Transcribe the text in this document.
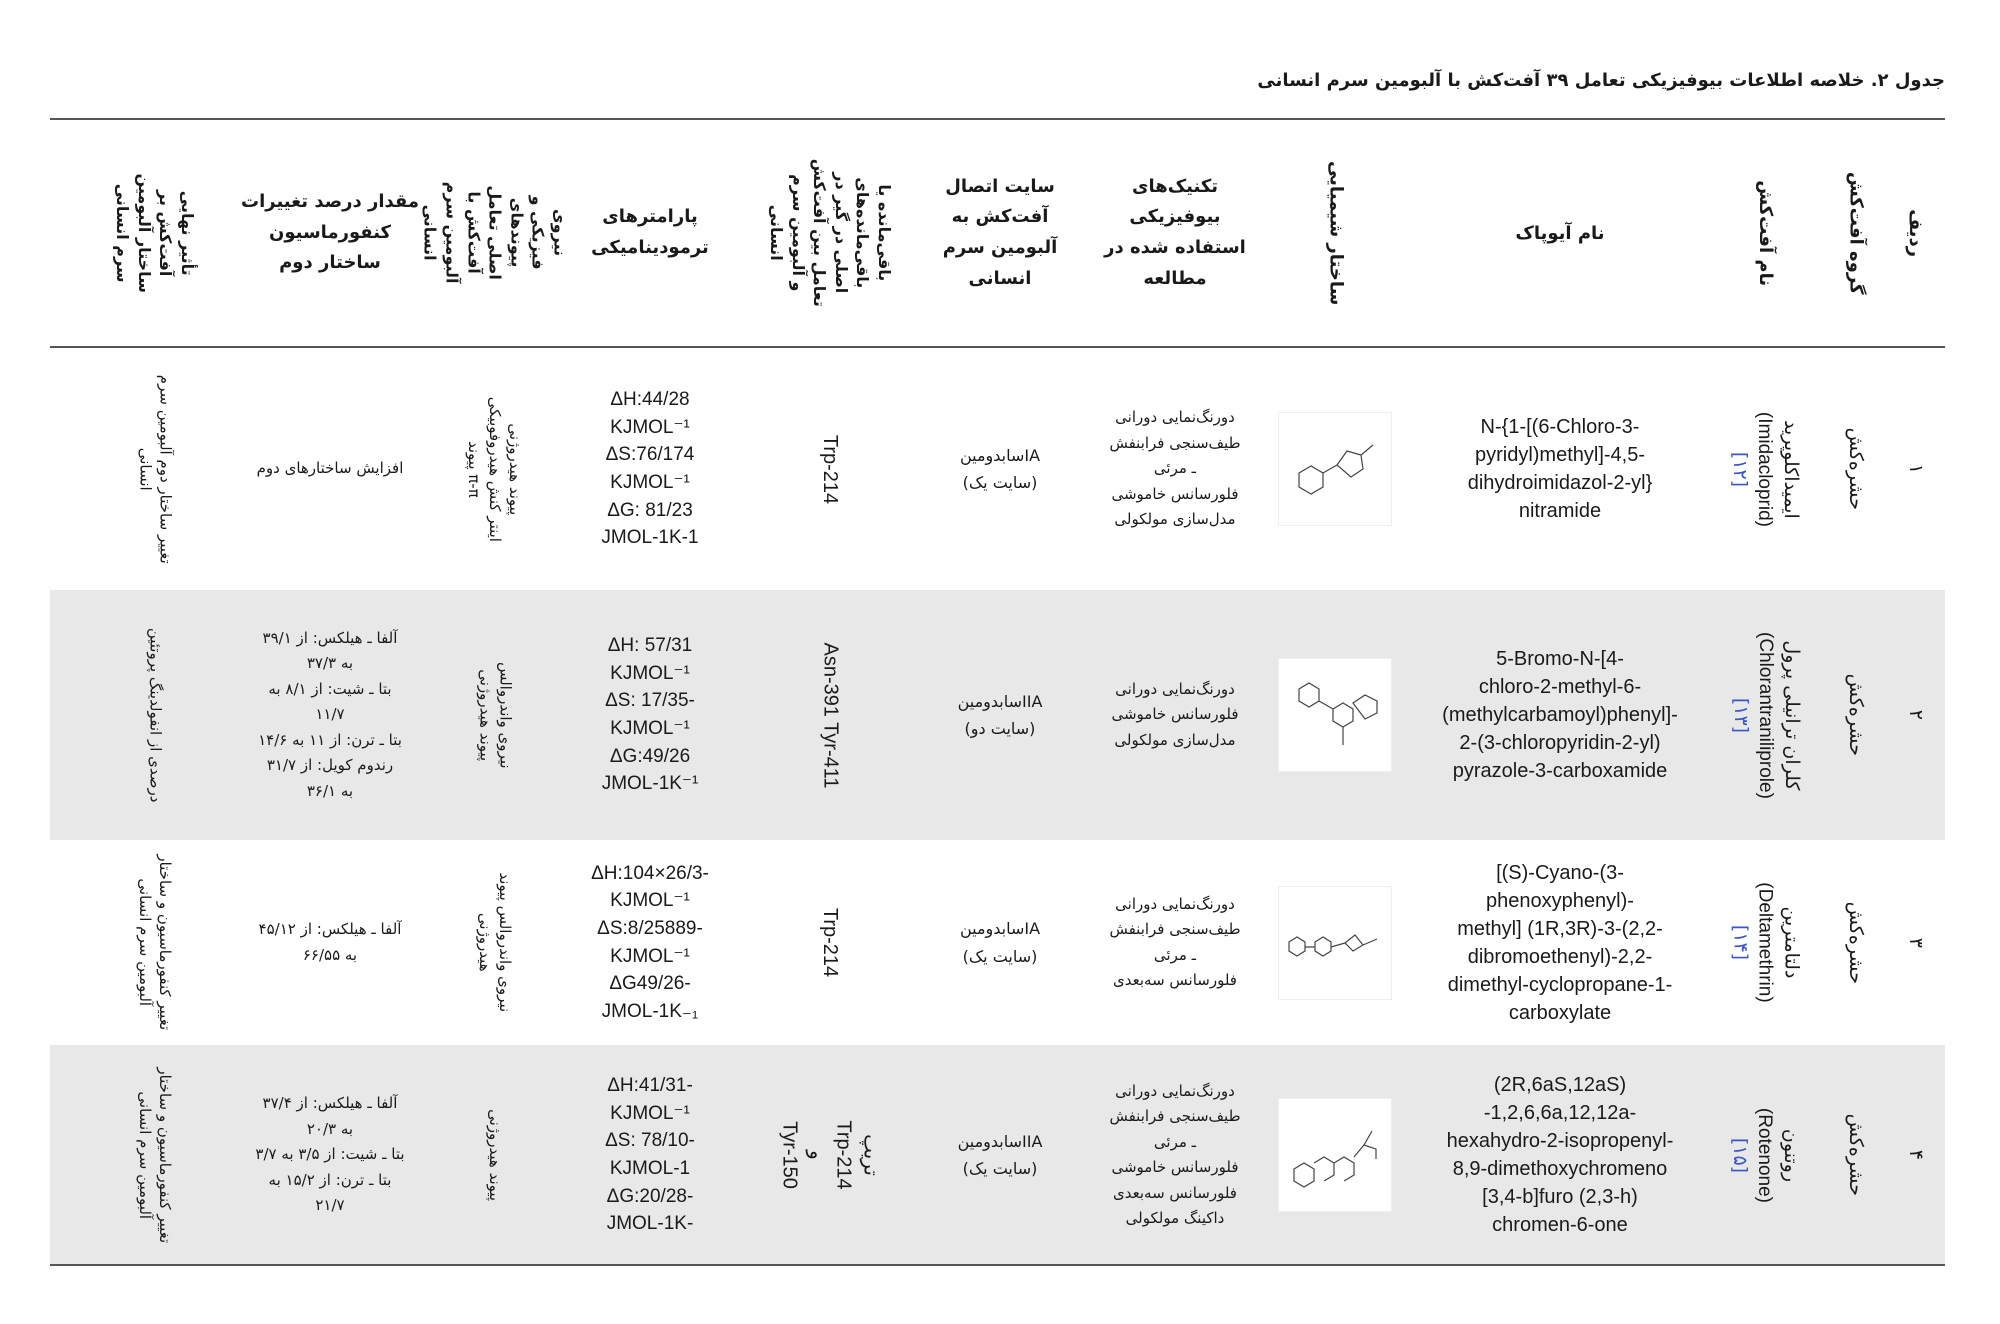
جدول ۲. خلاصه اطلاعات بیوفیزیکی تعامل ۳۹ آفت‌کش با آلبومین سرم انسانی
ردیف
گروه آفت‌کش
نام آفت‌کش
نام آیوپاک
ساختار شیمیایی
تکنیک‌های بیوفیزیکی استفاده شده در مطالعه
سایت اتصال آفت‌کش به آلبومین سرم انسانی
باقی‌مانده یا باقی‌مانده‌های اصلی در گیر در تعامل بین آفت‌کش و آلبومین سرم انسانی
پارامترهای ترمودینامیکی
نیروی فیزیکی و پیوندهای اصلی تعامل آفت‌کش با آلبومین سرم انسانی
مقدار درصد تغییرات کنفورماسیون ساختار دوم
تأثیر نهایی آفت‌کش بر ساختار آلبومین سرم انسانی
۱
حشره‌کش
ایمیداکلوپرید
(Imidacloprid)
[۱۲]
N-{1-[(6-Chloro-3-
pyridyl)methyl]-4,5-
dihydroimidazol-2-yl}
nitramide
دورنگ‌نمایی دورانی
طیف‌سنجی فرابنفش
ـ مرئی
فلورسانس خاموشی
مدل‌سازی مولکولی
IAسابدومین
(سایت یک)
Trp-214
ΔH:44/28
KJMOL⁻¹
ΔS:76/174
KJMOL⁻¹
ΔG: 81/23
JMOL-1K-1
پیوند هیدروژنی
اینتر کنش هیدروفوبیکی
π-π پیوند
افزایش ساختارهای دوم
تغییر ساختار دوم آلبومین سرم
انسانی
۲
حشره‌کش
کلران ترانیلی پرول
(Chlorantraniliprole)
[۱۳]
5-Bromo-N-[4-
chloro-2-methyl-6-
(methylcarbamoyl)phenyl]-
2-(3-chloropyridin-2-yl)
pyrazole-3-carboxamide
دورنگ‌نمایی دورانی
فلورسانس خاموشی
مدل‌سازی مولکولی
IIAسابدومین
(سایت دو)
Asn-391 Tyr-411
ΔH: 57/31
KJMOL⁻¹
ΔS: 17/35-
KJMOL⁻¹
ΔG:49/26
JMOL-1K⁻¹
نیروی واندروالس
پیوند هیدروژنی
آلفا ـ هیلکس: از ۳۹/۱
به ۳۷/۳
بتا ـ شیت: از ۸/۱ به
۱۱/۷
بتا ـ ترن: از ۱۱ به ۱۴/۶
رندوم کویل: از ۳۱/۷
به ۳۶/۱
درصدی از انفولدینگ پروتئین
۳
حشره‌کش
دلتامترین
(Deltamethrin)
[۱۴]
[(S)-Cyano-(3-
phenoxyphenyl)-
methyl] (1R,3R)-3-(2,2-
dibromoethenyl)-2,2-
dimethyl-cyclopropane-1-
carboxylate
دورنگ‌نمایی دورانی
طیف‌سنجی فرابنفش
ـ مرئی
فلورسانس سه‌بعدی
IAسابدومین
(سایت یک)
Trp-214
ΔH:104×26/3-
KJMOL⁻¹
ΔS:8/25889-
KJMOL⁻¹
ΔG49/26-
JMOL-1K₋₁
نیروی واندروالس پیوند
هیدروژنی
آلفا ـ هیلکس: از ۴۵/۱۲
به ۶۶/۵۵
تغییر کنفورماسیون و ساختار
آلبومین سرم انسانی
۴
حشره‌کش
روتنون
(Rotenone)
[۱۵]
(2R,6aS,12aS)
-1,2,6,6a,12,12a-
hexahydro-2-isopropenyl-
8,9-dimethoxychromeno
[3,4-b]furo (2,3-h)
chromen-6-one
دورنگ‌نمایی دورانی
طیف‌سنجی فرابنفش
ـ مرئی
فلورسانس خاموشی
فلورسانس سه‌بعدی
داکینگ مولکولی
IIAسابدومین
(سایت یک)
تریپ
Trp-214
و
Tyr-150
ΔH:41/31-
KJMOL⁻¹
ΔS: 78/10-
KJMOL-1
ΔG:20/28-
JMOL-1K-
پیوند هیدروژنی
آلفا ـ هیلکس: از ۳۷/۴
به ۲۰/۳
بتا ـ شیت: از ۳/۵ به ۳/۷
بتا ـ ترن: از ۱۵/۲ به
۲۱/۷
تغییر کنفورماسیون و ساختار
آلبومین سرم انسانی
